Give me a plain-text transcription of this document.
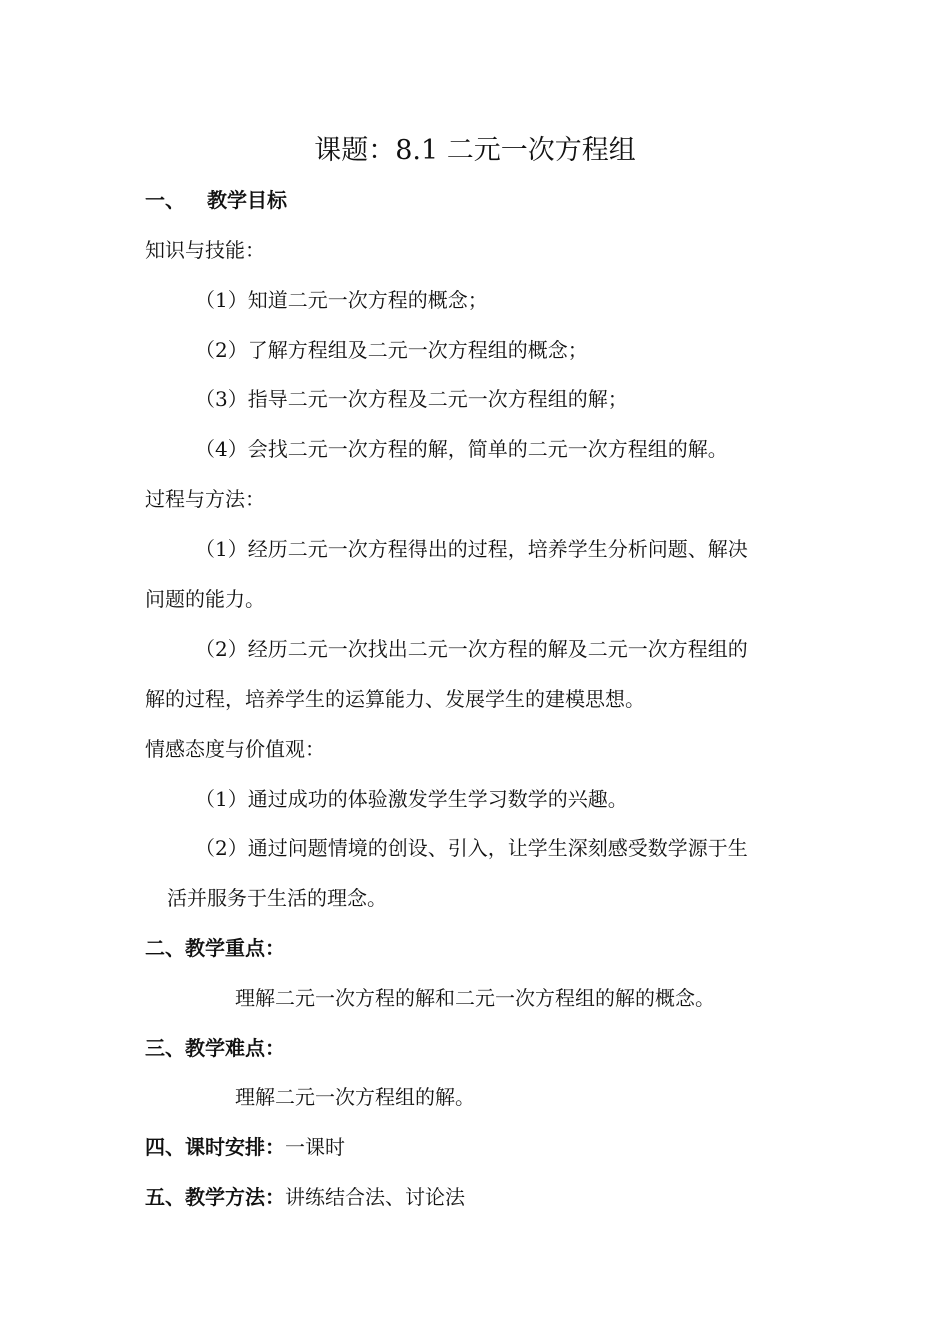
课题：8.1 二元一次方程组
一、 教学目标
知识与技能：
（1）知道二元一次方程的概念；
（2）了解方程组及二元一次方程组的概念；
（3）指导二元一次方程及二元一次方程组的解；
（4）会找二元一次方程的解，简单的二元一次方程组的解。
过程与方法：
（1）经历二元一次方程得出的过程，培养学生分析问题、解决
问题的能力。
（2）经历二元一次找出二元一次方程的解及二元一次方程组的
解的过程，培养学生的运算能力、发展学生的建模思想。
情感态度与价值观：
（1）通过成功的体验激发学生学习数学的兴趣。
（2）通过问题情境的创设、引入，让学生深刻感受数学源于生
活并服务于生活的理念。
二、教学重点：
理解二元一次方程的解和二元一次方程组的解的概念。
三、教学难点：
理解二元一次方程组的解。
四、课时安排：一课时
五、教学方法：讲练结合法、讨论法
